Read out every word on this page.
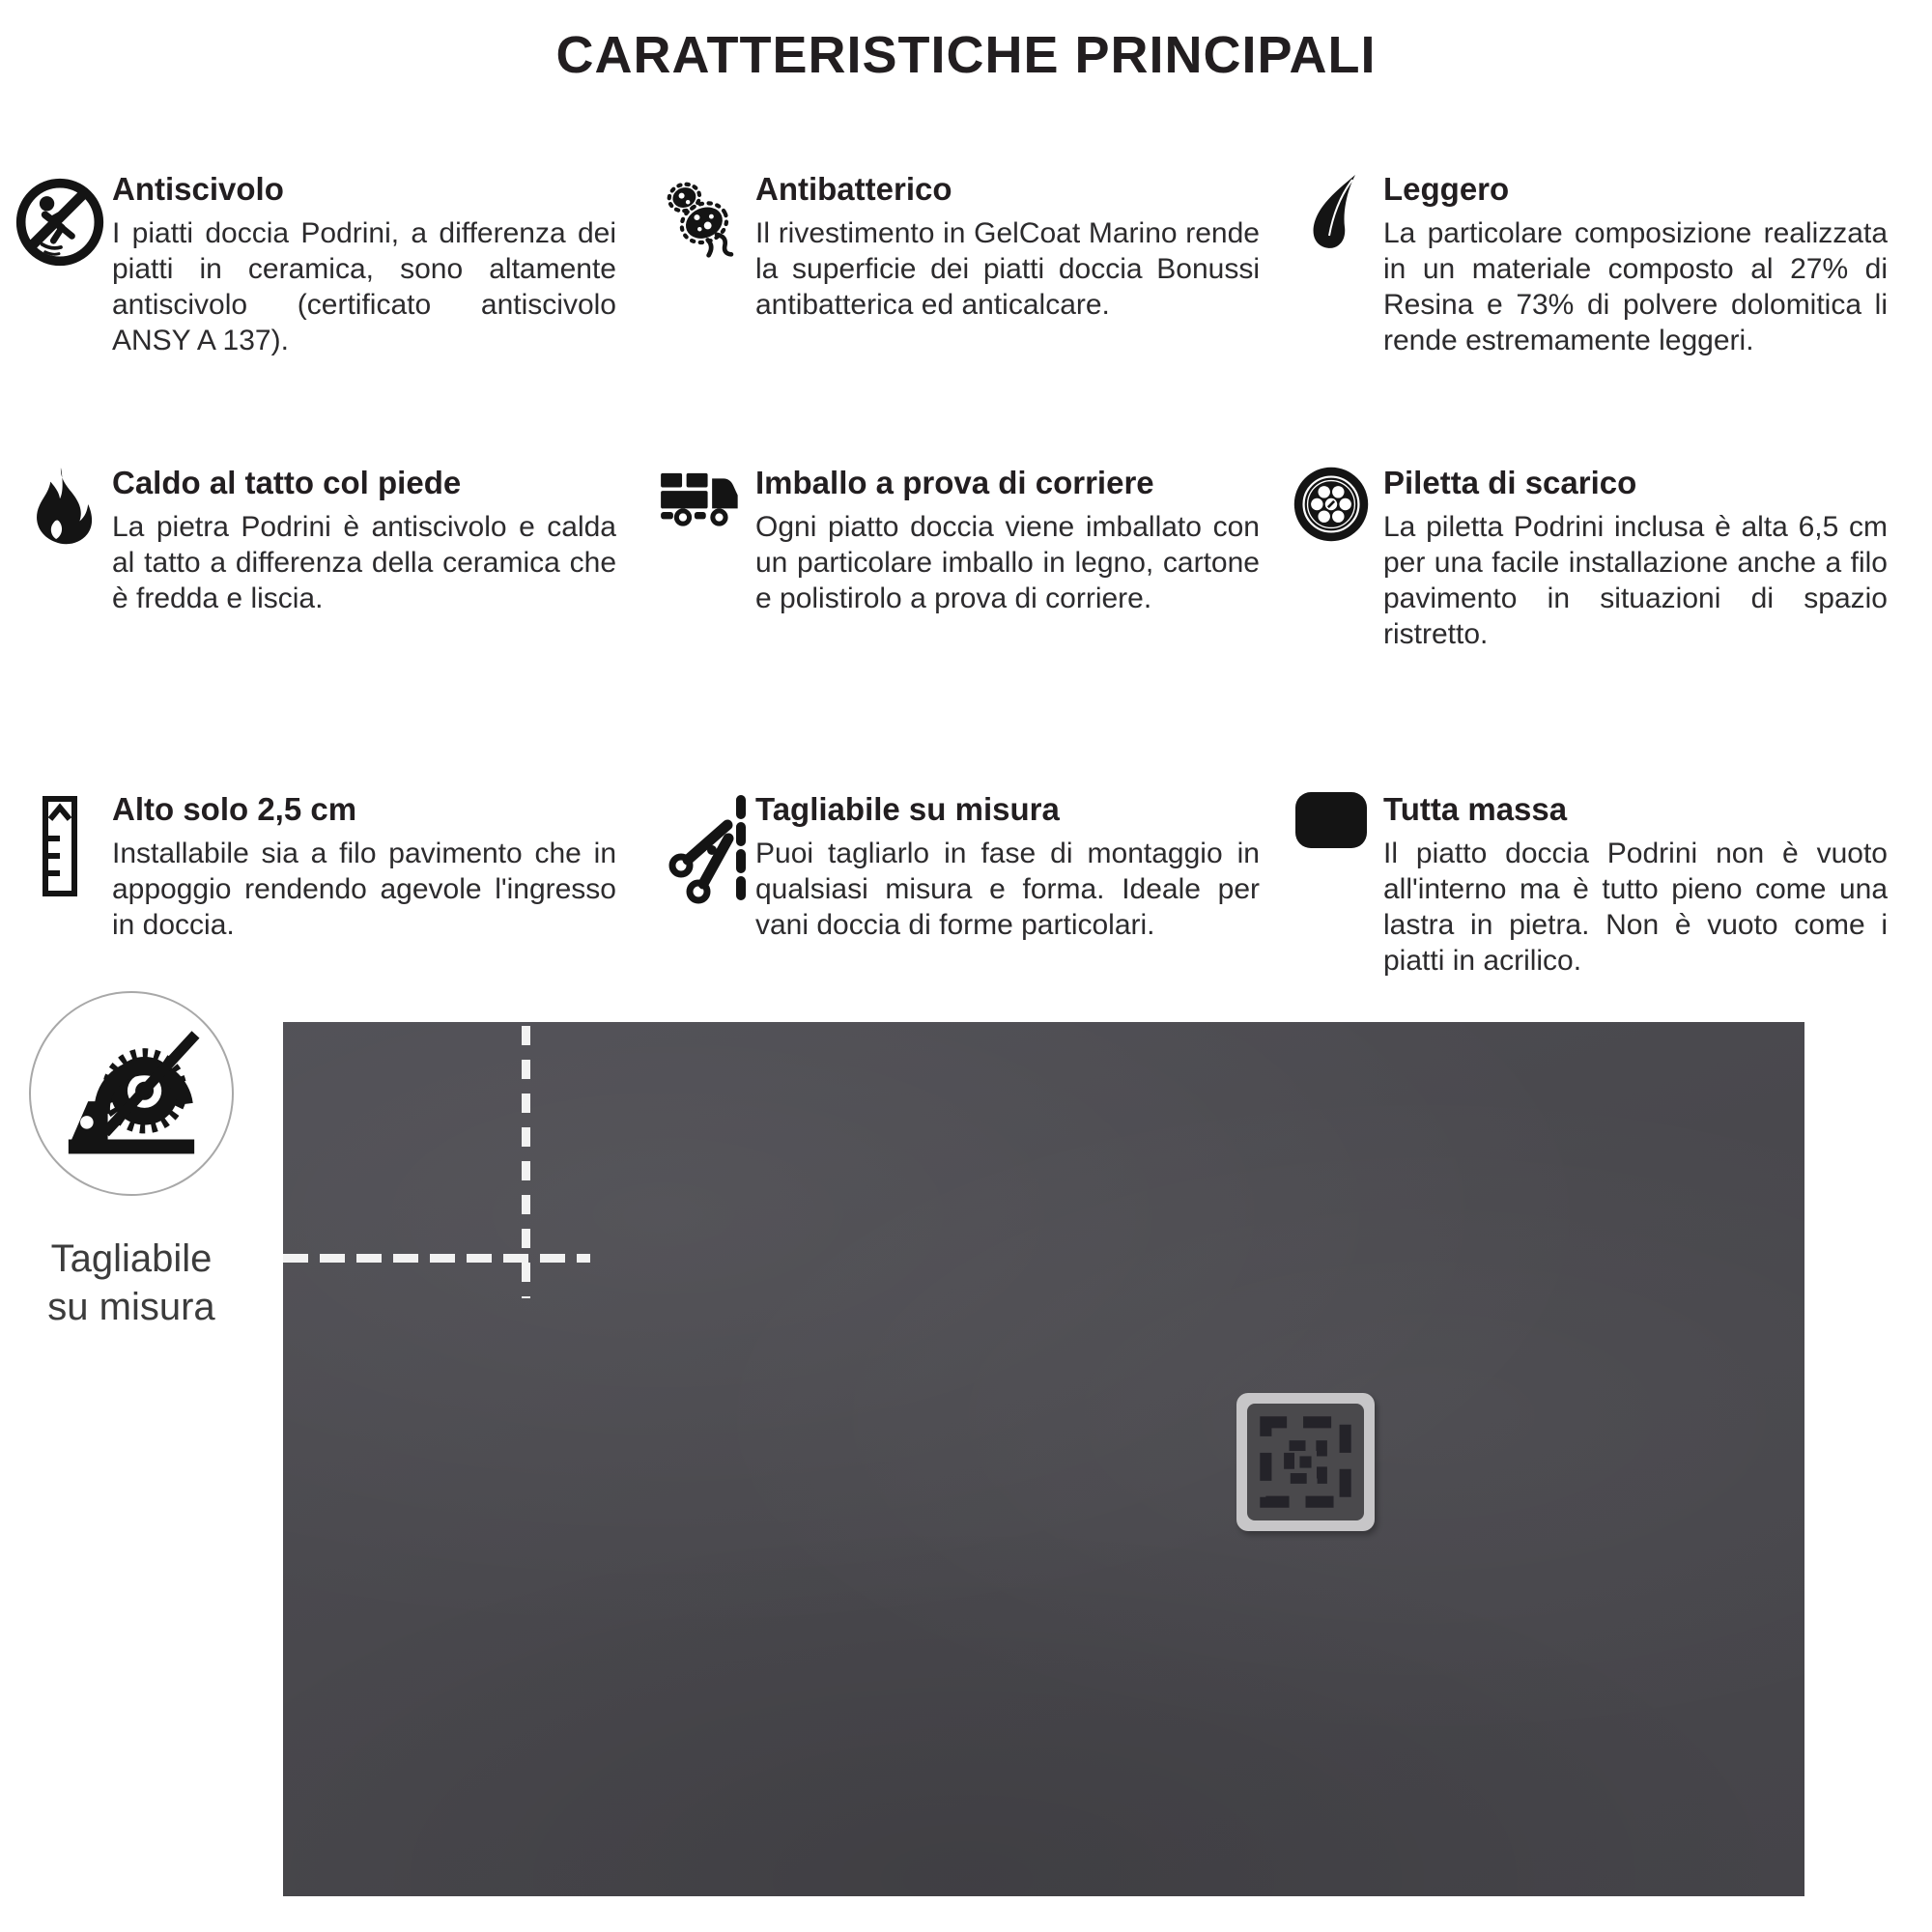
CARATTERISTICHE PRINCIPALI
Antiscivolo
I piatti doccia Podrini, a differenza dei piatti in ceramica, sono altamente antiscivolo (certificato antiscivolo ANSY A 137).
Antibatterico
Il rivestimento in GelCoat Marino rende la superficie dei piatti doccia Bonussi antibatterica ed anticalcare.
Leggero
La particolare composizione realizzata in un materiale composto al 27% di Resina e 73% di polvere dolomitica li rende estremamente leggeri.
Caldo al tatto col piede
La pietra Podrini è antiscivolo e calda al tatto a differenza della ceramica che è fredda e liscia.
Imballo a prova di corriere
Ogni piatto doccia viene imballato con un particolare imballo in legno, cartone e polistirolo a prova di corriere.
Piletta di scarico
La piletta Podrini inclusa è alta 6,5 cm per una facile installazione anche a filo pavimento in situazioni di spazio ristretto.
Alto solo 2,5 cm
Installabile sia a filo pavimento che in appoggio rendendo agevole l'ingresso in doccia.
Tagliabile su misura
Puoi tagliarlo in fase di montaggio in qualsiasi misura e forma. Ideale per vani doccia di forme particolari.
Tutta massa
Il piatto doccia Podrini non è vuoto all'interno ma è tutto pieno come una lastra in pietra. Non è vuoto come i piatti in acrilico.
Tagliabile
su misura
